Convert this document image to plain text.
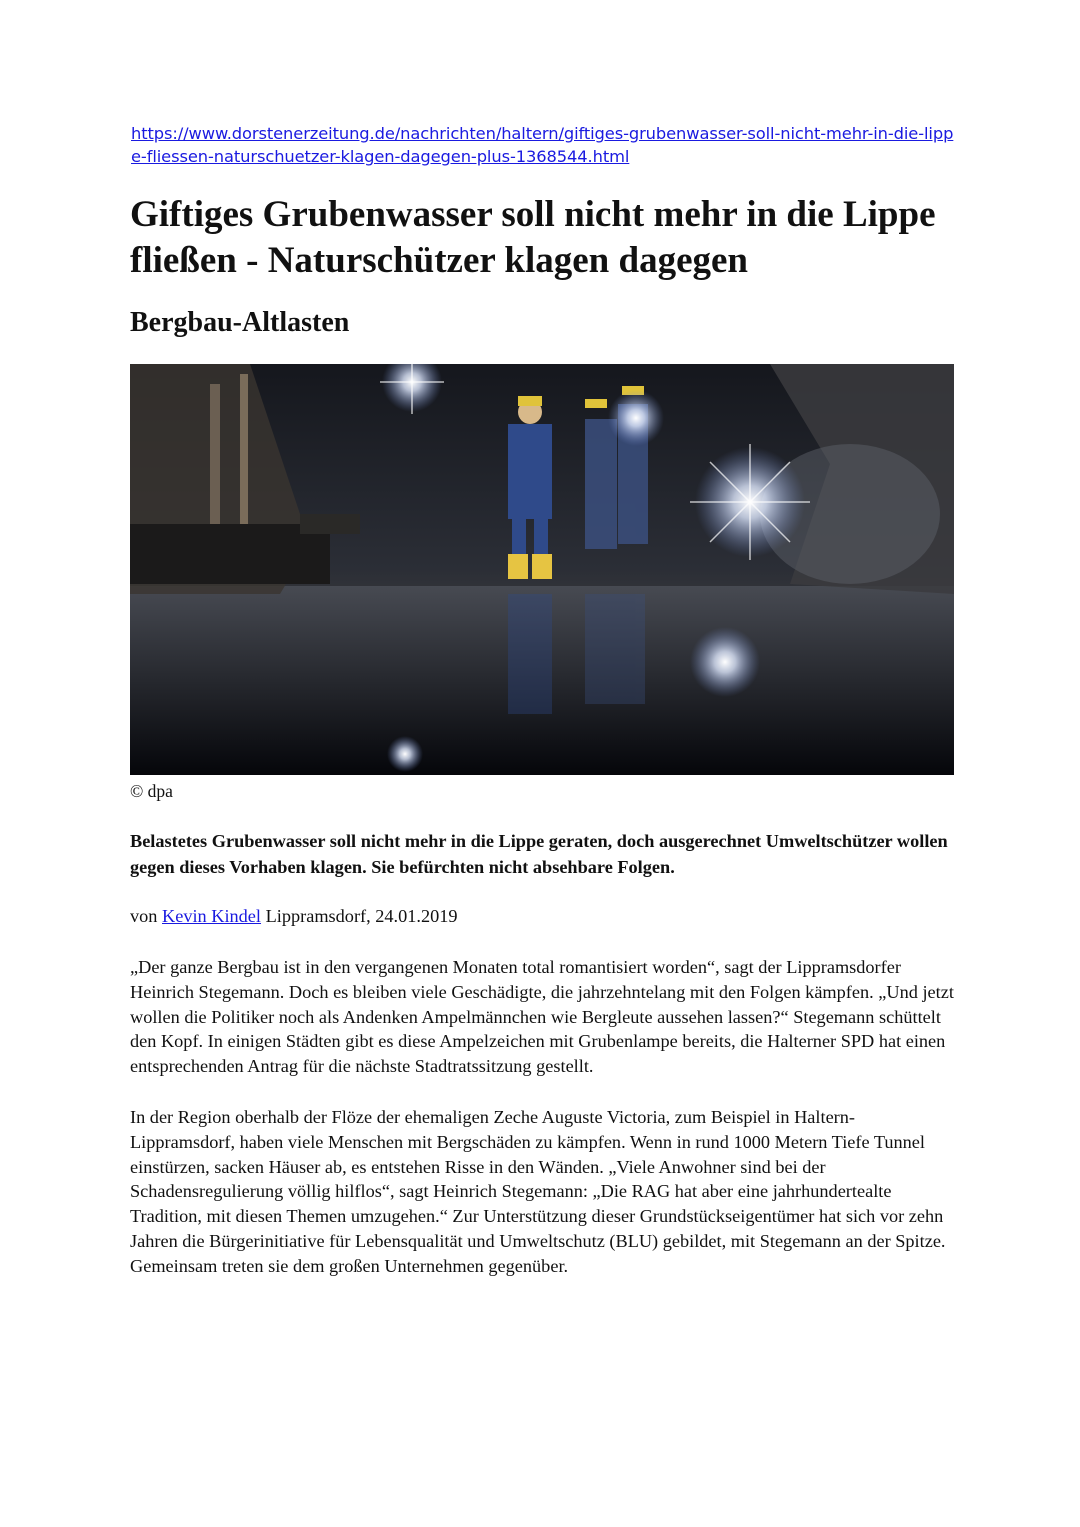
https://www.dorstenerzeitung.de/nachrichten/haltern/giftiges-grubenwasser-soll-nicht-mehr-in-die-lippe-fliessen-naturschuetzer-klagen-dagegen-plus-1368544.html
Giftiges Grubenwasser soll nicht mehr in die Lippe fließen - Naturschützer klagen dagegen
Bergbau-Altlasten
© dpa
Belastetes Grubenwasser soll nicht mehr in die Lippe geraten, doch ausgerechnet Umweltschützer wollen gegen dieses Vorhaben klagen. Sie befürchten nicht absehbare Folgen.
von Kevin Kindel Lippramsdorf, 24.01.2019
„Der ganze Bergbau ist in den vergangenen Monaten total romantisiert worden“, sagt der Lippramsdorfer Heinrich Stegemann. Doch es bleiben viele Geschädigte, die jahrzehntelang mit den Folgen kämpfen. „Und jetzt wollen die Politiker noch als Andenken Ampelmännchen wie Bergleute aussehen lassen?“ Stegemann schüttelt den Kopf. In einigen Städten gibt es diese Ampelzeichen mit Grubenlampe bereits, die Halterner SPD hat einen entsprechenden Antrag für die nächste Stadtratssitzung gestellt.
In der Region oberhalb der Flöze der ehemaligen Zeche Auguste Victoria, zum Beispiel in Haltern-Lippramsdorf, haben viele Menschen mit Bergschäden zu kämpfen. Wenn in rund 1000 Metern Tiefe Tunnel einstürzen, sacken Häuser ab, es entstehen Risse in den Wänden. „Viele Anwohner sind bei der Schadensregulierung völlig hilflos“, sagt Heinrich Stegemann: „Die RAG hat aber eine jahrhundertealte Tradition, mit diesen Themen umzugehen.“ Zur Unterstützung dieser Grundstückseigentümer hat sich vor zehn Jahren die Bürgerinitiative für Lebensqualität und Umweltschutz (BLU) gebildet, mit Stegemann an der Spitze. Gemeinsam treten sie dem großen Unternehmen gegenüber.
